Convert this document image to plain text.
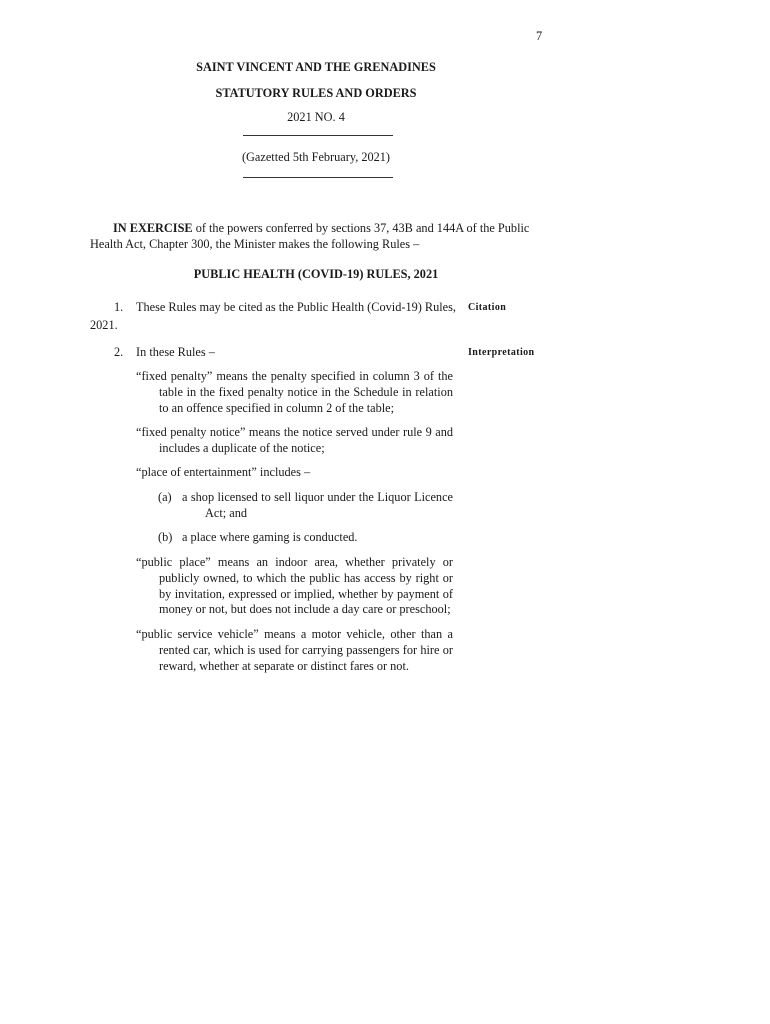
7
SAINT VINCENT AND THE GRENADINES
STATUTORY RULES AND ORDERS
2021 NO. 4
(Gazetted 5th February, 2021)
IN EXERCISE of the powers conferred by sections 37, 43B and 144A of the Public
Health Act, Chapter 300, the Minister makes the following Rules –
PUBLIC HEALTH (COVID-19) RULES, 2021
1. These Rules may be cited as the Public Health (Covid-19) Rules,
2021.
Citation
2. In these Rules –	Interpretation
“fixed penalty” means the penalty specified in column 3 of the table in the fixed penalty notice in the Schedule in relation to an offence specified in column 2 of the table;
“fixed penalty notice” means the notice served under rule 9 and includes a duplicate of the notice;
“place of entertainment” includes –
(a) a shop licensed to sell liquor under the Liquor Licence Act; and
(b) a place where gaming is conducted.
“public place” means an indoor area, whether privately or publicly owned, to which the public has access by right or by invitation, expressed or implied, whether by payment of money or not, but does not include a day care or preschool;
“public service vehicle” means a motor vehicle, other than a rented car, which is used for carrying passengers for hire or reward, whether at separate or distinct fares or not.
